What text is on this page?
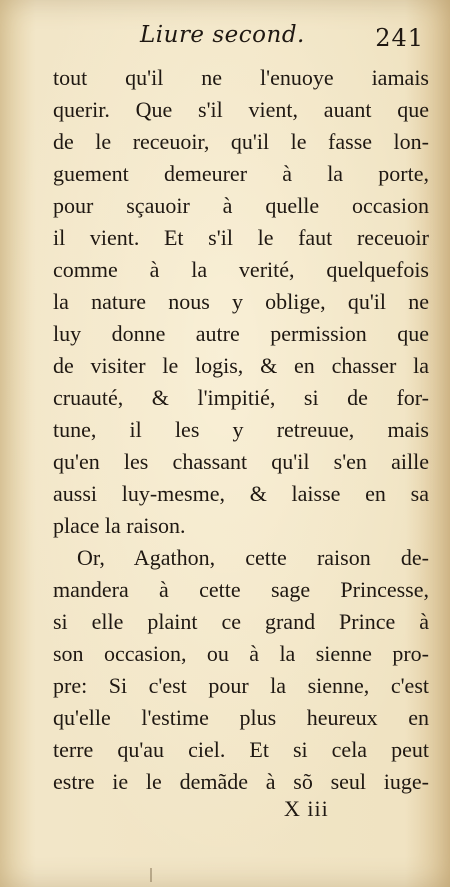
Liure second.	241
tout qu'il ne l'enuoye iamais
querir. Que s'il vient, auant que
de le receuoir, qu'il le fasse lon-
guement demeurer à la porte,
pour sçauoir à quelle occasion
il vient. Et s'il le faut receuoir
comme à la verité, quelquefois
la nature nous y oblige, qu'il ne
luy donne autre permission que
de visiter le logis, & en chasser la
cruauté, & l'impitié, si de for-
tune, il les y retreuue, mais
qu'en les chassant qu'il s'en aille
aussi luy-mesme, & laisse en sa
place la raison.
Or, Agathon, cette raison de-
mandera à cette sage Princesse,
si elle plaint ce grand Prince à
son occasion, ou à la sienne pro-
pre: Si c'est pour la sienne, c'est
qu'elle l'estime plus heureux en
terre qu'au ciel. Et si cela peut
estre ie le demãde à sõ seul iuge-
X iii
